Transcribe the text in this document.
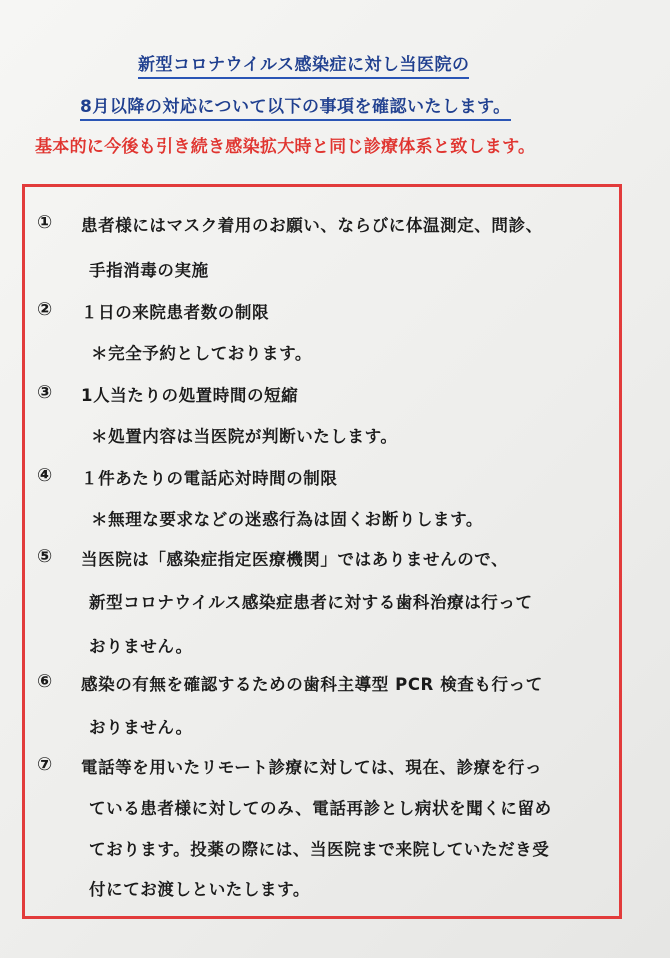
新型コロナウイルス感染症に対し当医院の
8月以降の対応について以下の事項を確認いたします。
基本的に今後も引き続き感染拡大時と同じ診療体系と致します。
① 患者様にはマスク着用のお願い、ならびに体温測定、問診、
手指消毒の実施
② １日の来院患者数の制限
＊完全予約としております。
③ 1人当たりの処置時間の短縮
＊処置内容は当医院が判断いたします。
④ １件あたりの電話応対時間の制限
＊無理な要求などの迷惑行為は固くお断りします。
⑤ 当医院は「感染症指定医療機関」ではありませんので、
新型コロナウイルス感染症患者に対する歯科治療は行って
おりません。
⑥ 感染の有無を確認するための歯科主導型 PCR 検査も行って
おりません。
⑦ 電話等を用いたリモート診療に対しては、現在、診療を行っ
ている患者様に対してのみ、電話再診とし病状を聞くに留め
ております。投薬の際には、当医院まで来院していただき受
付にてお渡しといたします。
